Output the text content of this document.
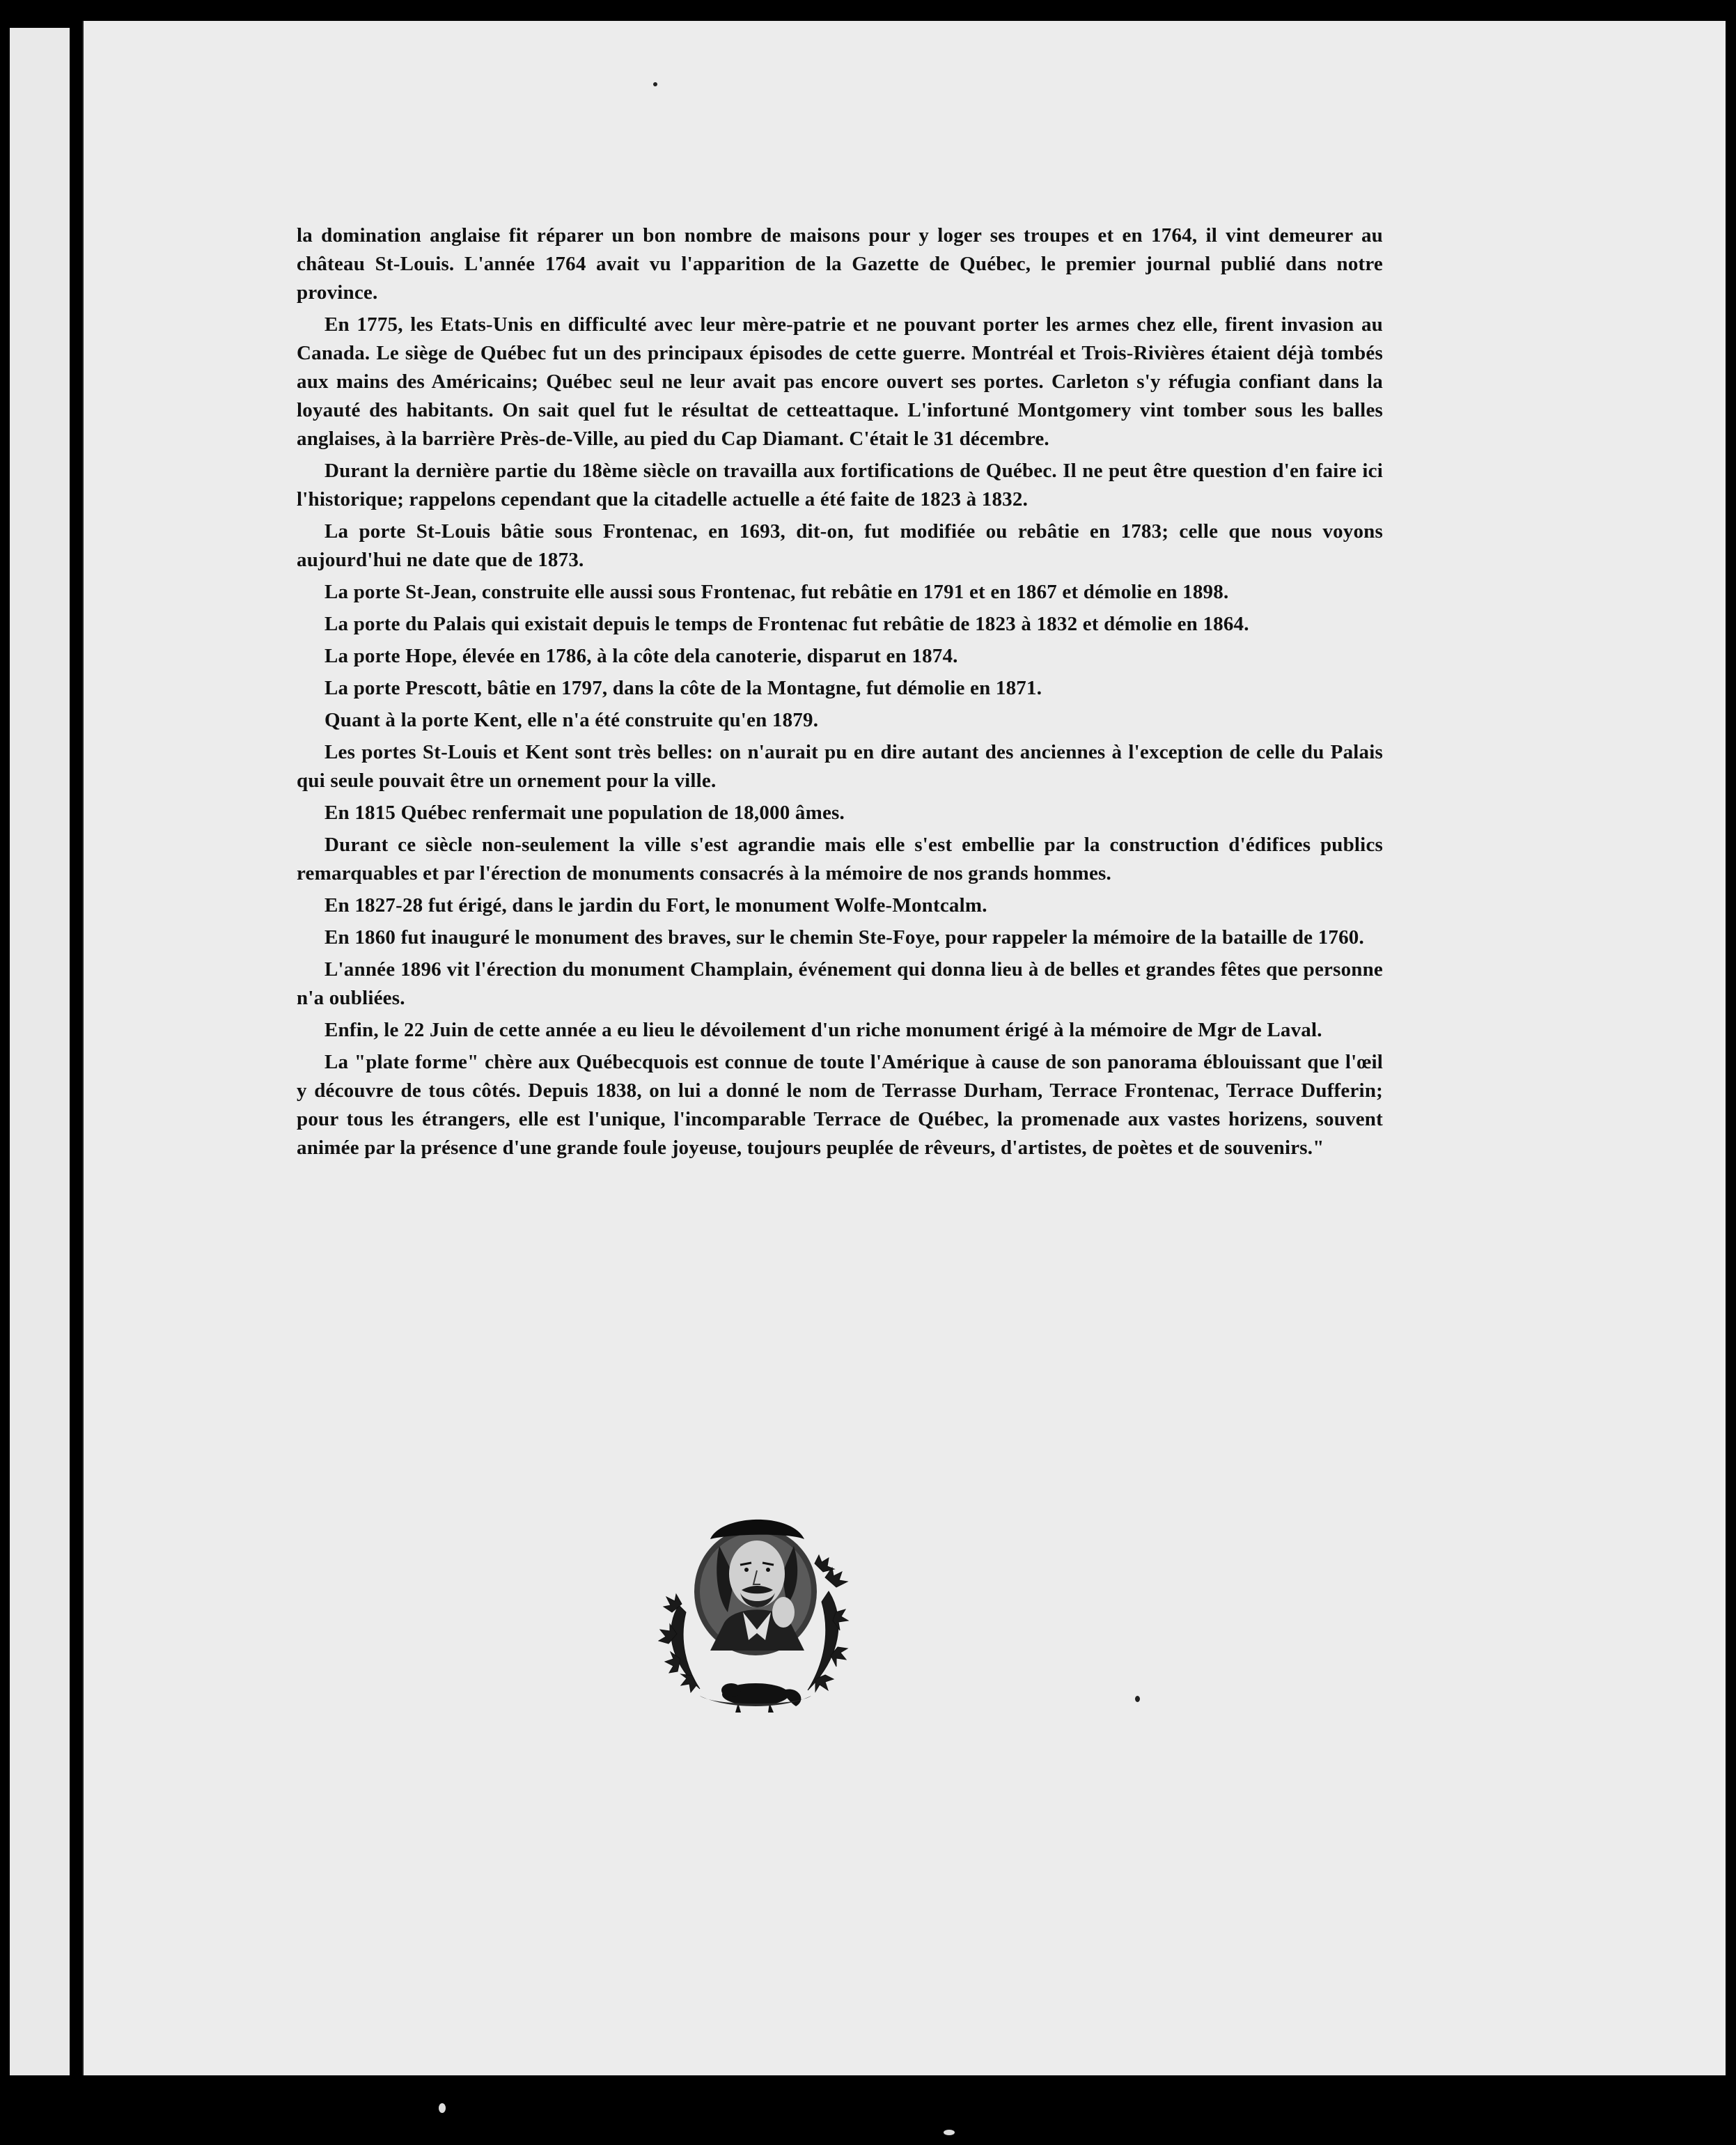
la domination anglaise fit réparer un bon nombre de maisons pour y loger ses troupes et en 1764, il vint demeurer au château St-Louis. L'année 1764 avait vu l'apparition de la Gazette de Québec, le premier journal publié dans notre province.

En 1775, les Etats-Unis en difficulté avec leur mère-patrie et ne pouvant porter les armes chez elle, firent invasion au Canada. Le siège de Québec fut un des principaux épisodes de cette guerre. Montréal et Trois-Rivières étaient déjà tombés aux mains des Américains; Québec seul ne leur avait pas encore ouvert ses portes. Carleton s'y réfugia confiant dans la loyauté des habitants. On sait quel fut le résultat de cetteattaque. L'infortuné Montgomery vint tomber sous les balles anglaises, à la barrière Près-de-Ville, au pied du Cap Diamant. C'était le 31 décembre.

Durant la dernière partie du 18ème siècle on travailla aux fortifications de Québec. Il ne peut être question d'en faire ici l'historique; rappelons cependant que la citadelle actuelle a été faite de 1823 à 1832.

La porte St-Louis bâtie sous Frontenac, en 1693, dit-on, fut modifiée ou rebâtie en 1783; celle que nous voyons aujourd'hui ne date que de 1873.

La porte St-Jean, construite elle aussi sous Frontenac, fut rebâtie en 1791 et en 1867 et démolie en 1898.

La porte du Palais qui existait depuis le temps de Frontenac fut rebâtie de 1823 à 1832 et démolie en 1864.

La porte Hope, élevée en 1786, à la côte dela canoterie, disparut en 1874.

La porte Prescott, bâtie en 1797, dans la côte de la Montagne, fut démolie en 1871.

Quant à la porte Kent, elle n'a été construite qu'en 1879.

Les portes St-Louis et Kent sont très belles: on n'aurait pu en dire autant des anciennes à l'exception de celle du Palais qui seule pouvait être un ornement pour la ville.

En 1815 Québec renfermait une population de 18,000 âmes.

Durant ce siècle non-seulement la ville s'est agrandie mais elle s'est embellie par la construction d'édifices publics remarquables et par l'érection de monuments consacrés à la mémoire de nos grands hommes.

En 1827-28 fut érigé, dans le jardin du Fort, le monument Wolfe-Montcalm.

En 1860 fut inauguré le monument des braves, sur le chemin Ste-Foye, pour rappeler la mémoire de la bataille de 1760.

L'année 1896 vit l'érection du monument Champlain, événement qui donna lieu à de belles et grandes fêtes que personne n'a oubliées.

Enfin, le 22 Juin de cette année a eu lieu le dévoilement d'un riche monument érigé à la mémoire de Mgr de Laval.

La "plate forme" chère aux Québecquois est connue de toute l'Amérique à cause de son panorama éblouissant que l'œil y découvre de tous côtés. Depuis 1838, on lui a donné le nom de Terrasse Durham, Terrace Frontenac, Terrace Dufferin; pour tous les étrangers, elle est l'unique, l'incomparable Terrace de Québec, la promenade aux vastes horizens, souvent animée par la présence d'une grande foule joyeuse, toujours peuplée de rêveurs, d'artistes, de poètes et de souvenirs."
